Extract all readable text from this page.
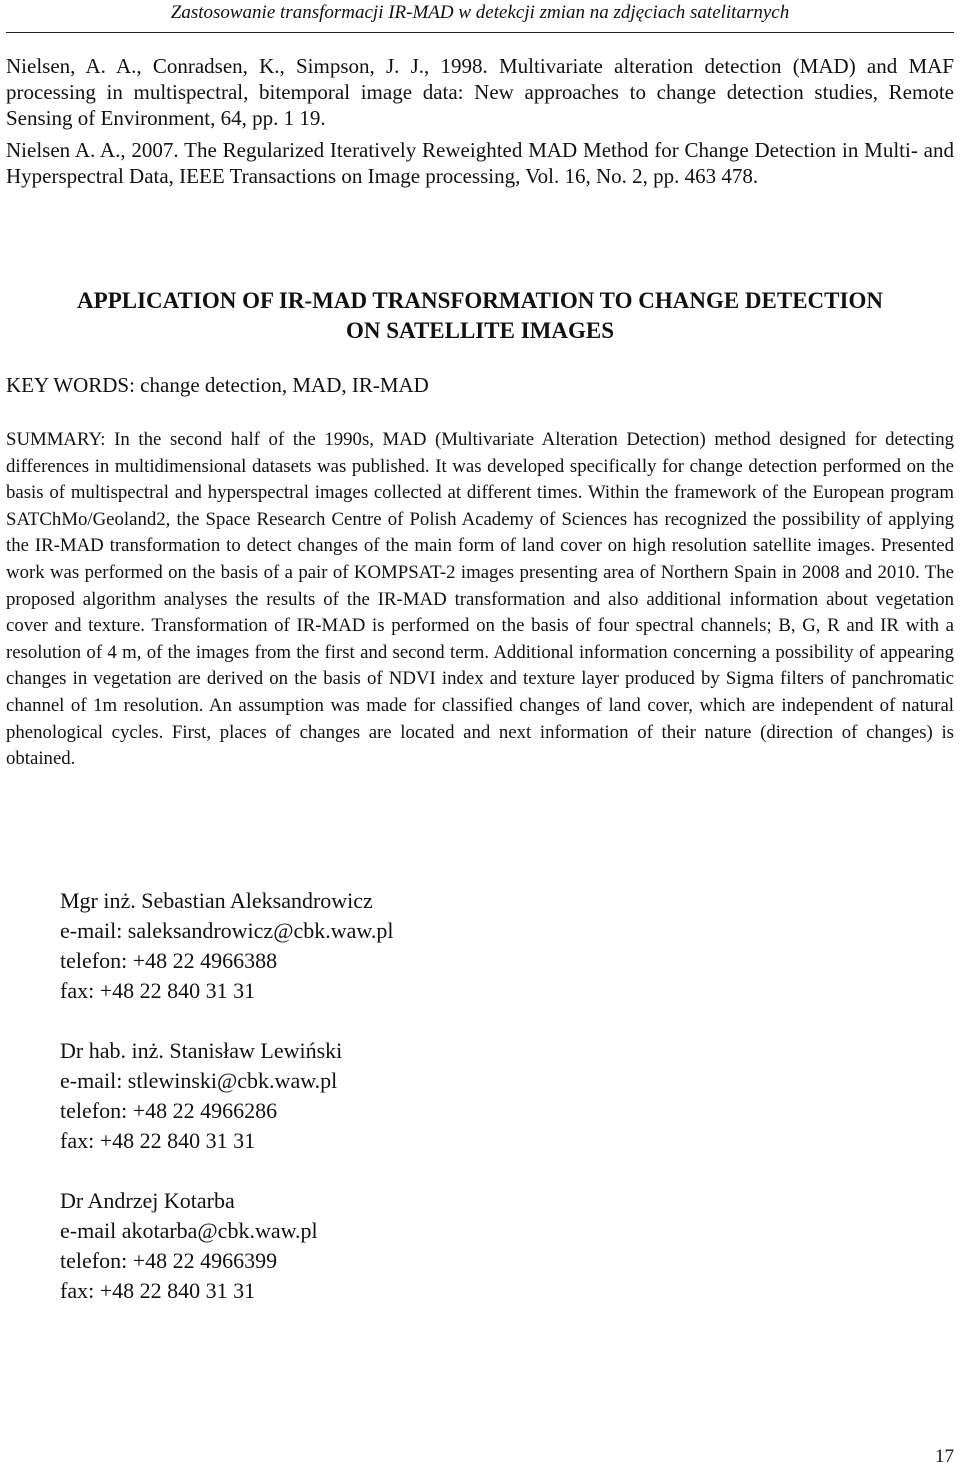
Zastosowanie transformacji IR-MAD w detekcji zmian na zdjęciach satelitarnych

Nielsen, A. A., Conradsen, K., Simpson, J. J., 1998. Multivariate alteration detection (MAD) and MAF processing in multispectral, bitemporal image data: New approaches to change detection studies, Remote Sensing of Environment, 64, pp. 1 19.

Nielsen A. A., 2007. The Regularized Iteratively Reweighted MAD Method for Change Detection in Multi- and Hyperspectral Data, IEEE Transactions on Image processing, Vol. 16, No. 2, pp. 463 478.

APPLICATION OF IR-MAD TRANSFORMATION TO CHANGE DETECTION
ON SATELLITE IMAGES
KEY WORDS: change detection, MAD, IR-MAD

SUMMARY: In the second half of the 1990s, MAD (Multivariate Alteration Detection) method designed for detecting differences in multidimensional datasets was published. It was developed specifically for change detection performed on the basis of multispectral and hyperspectral images collected at different times. Within the framework of the European program SATChMo/Geoland2, the Space Research Centre of Polish Academy of Sciences has recognized the possibility of applying the IR-MAD transformation to detect changes of the main form of land cover on high resolution satellite images. Presented work was performed on the basis of a pair of KOMPSAT-2 images presenting area of Northern Spain in 2008 and 2010. The proposed algorithm analyses the results of the IR-MAD transformation and also additional information about vegetation cover and texture. Transformation of IR-MAD is performed on the basis of four spectral channels; B, G, R and IR with a resolution of 4 m, of the images from the first and second term. Additional information concerning a possibility of appearing changes in vegetation are derived on the basis of NDVI index and texture layer produced by Sigma filters of panchromatic channel of 1m resolution. An assumption was made for classified changes of land cover, which are independent of natural phenological cycles. First, places of changes are located and next information of their nature (direction of changes) is obtained.

Mgr inż. Sebastian Aleksandrowicz
e-mail: saleksandrowicz@cbk.waw.pl
telefon: +48 22 4966388
fax: +48 22 840 31 31
Dr hab. inż. Stanisław Lewiński
e-mail: stlewinski@cbk.waw.pl
telefon: +48 22 4966286
fax: +48 22 840 31 31
Dr Andrzej Kotarba
e-mail akotarba@cbk.waw.pl
telefon: +48 22 4966399
fax: +48 22 840 31 31
17
